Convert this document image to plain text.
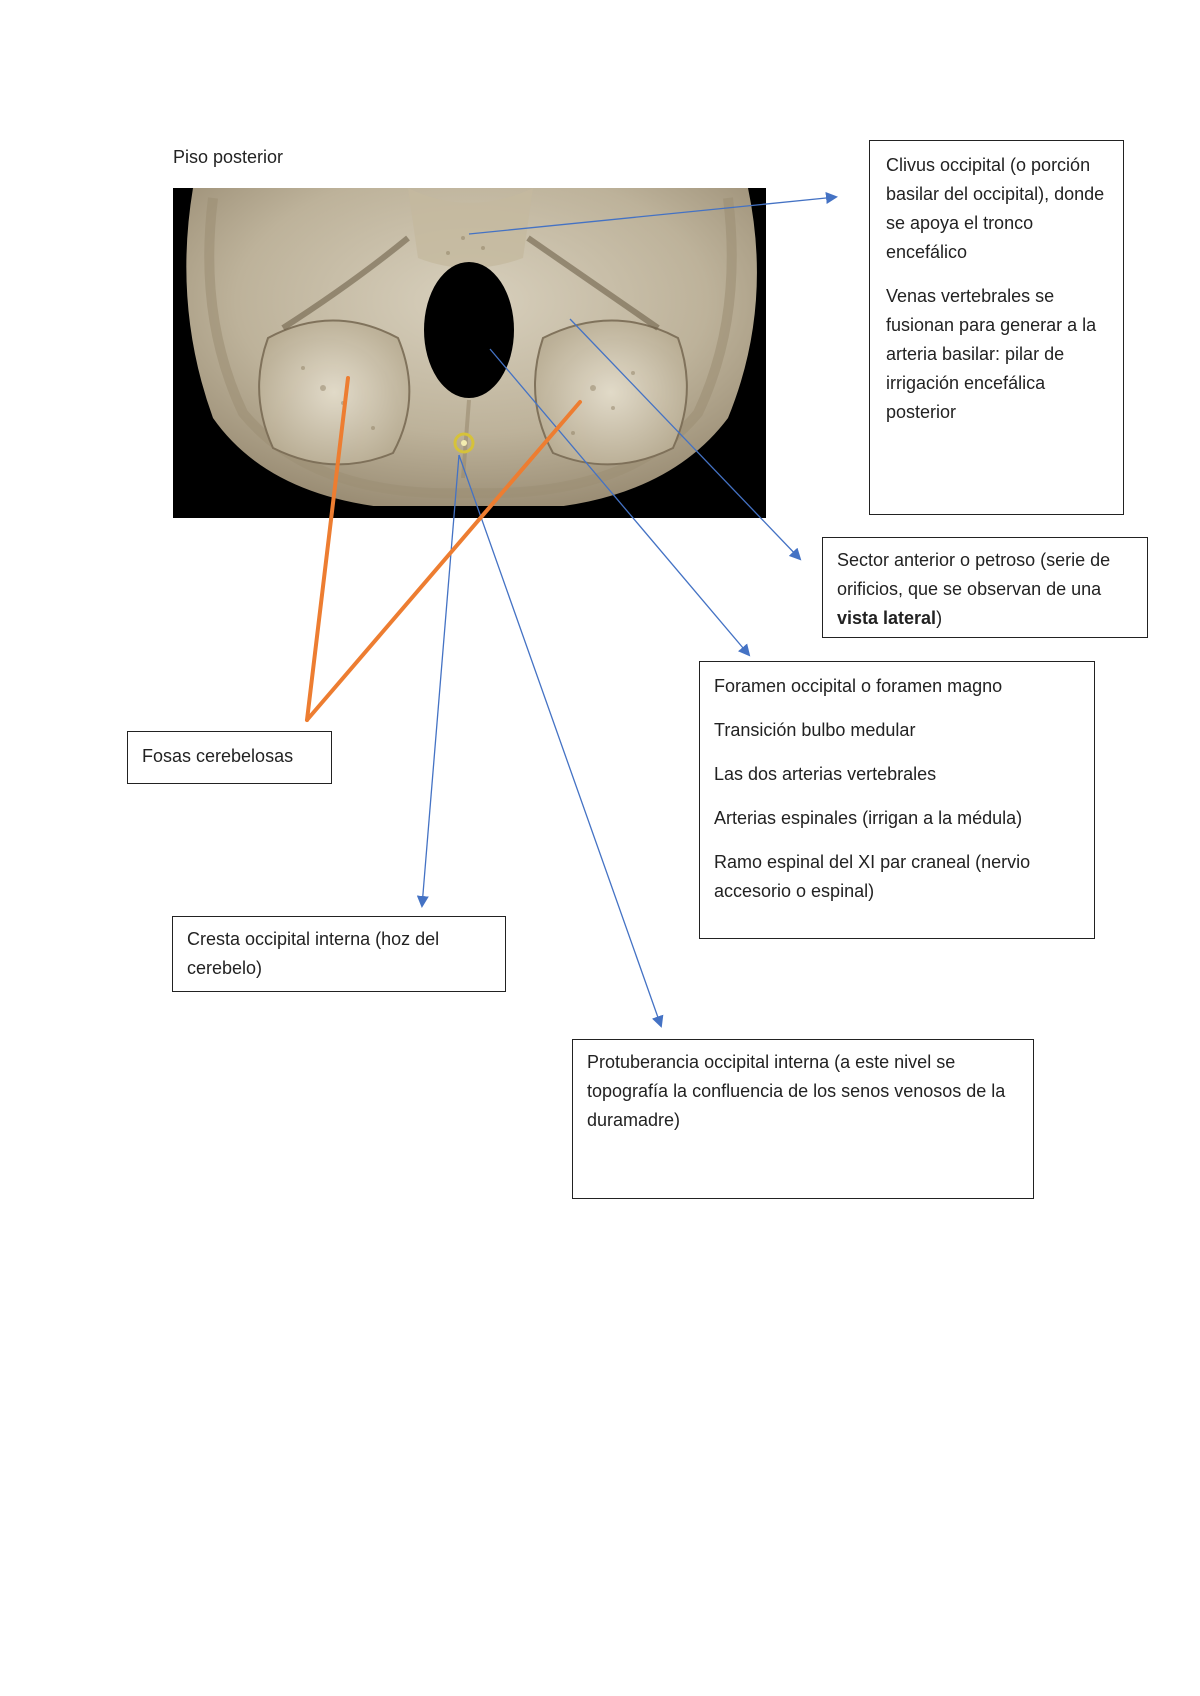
Piso posterior	Clivus occipital (o porción basilar del occipital), donde se apoya el tronco encefálico

Venas vertebrales se fusionan para generar a la arteria basilar: pilar de irrigación encefálica posterior

Sector anterior o petroso (serie de orificios, que se observan de una vista lateral)

Foramen occipital o foramen magno

Transición bulbo medular

Las dos arterias vertebrales

Arterias espinales (irrigan a la médula)

Ramo espinal del XI par craneal (nervio accesorio o espinal)

Fosas cerebelosas
Cresta occipital interna (hoz del cerebelo)
Protuberancia occipital interna (a este nivel se topografía la confluencia de los senos venosos de la duramadre)
